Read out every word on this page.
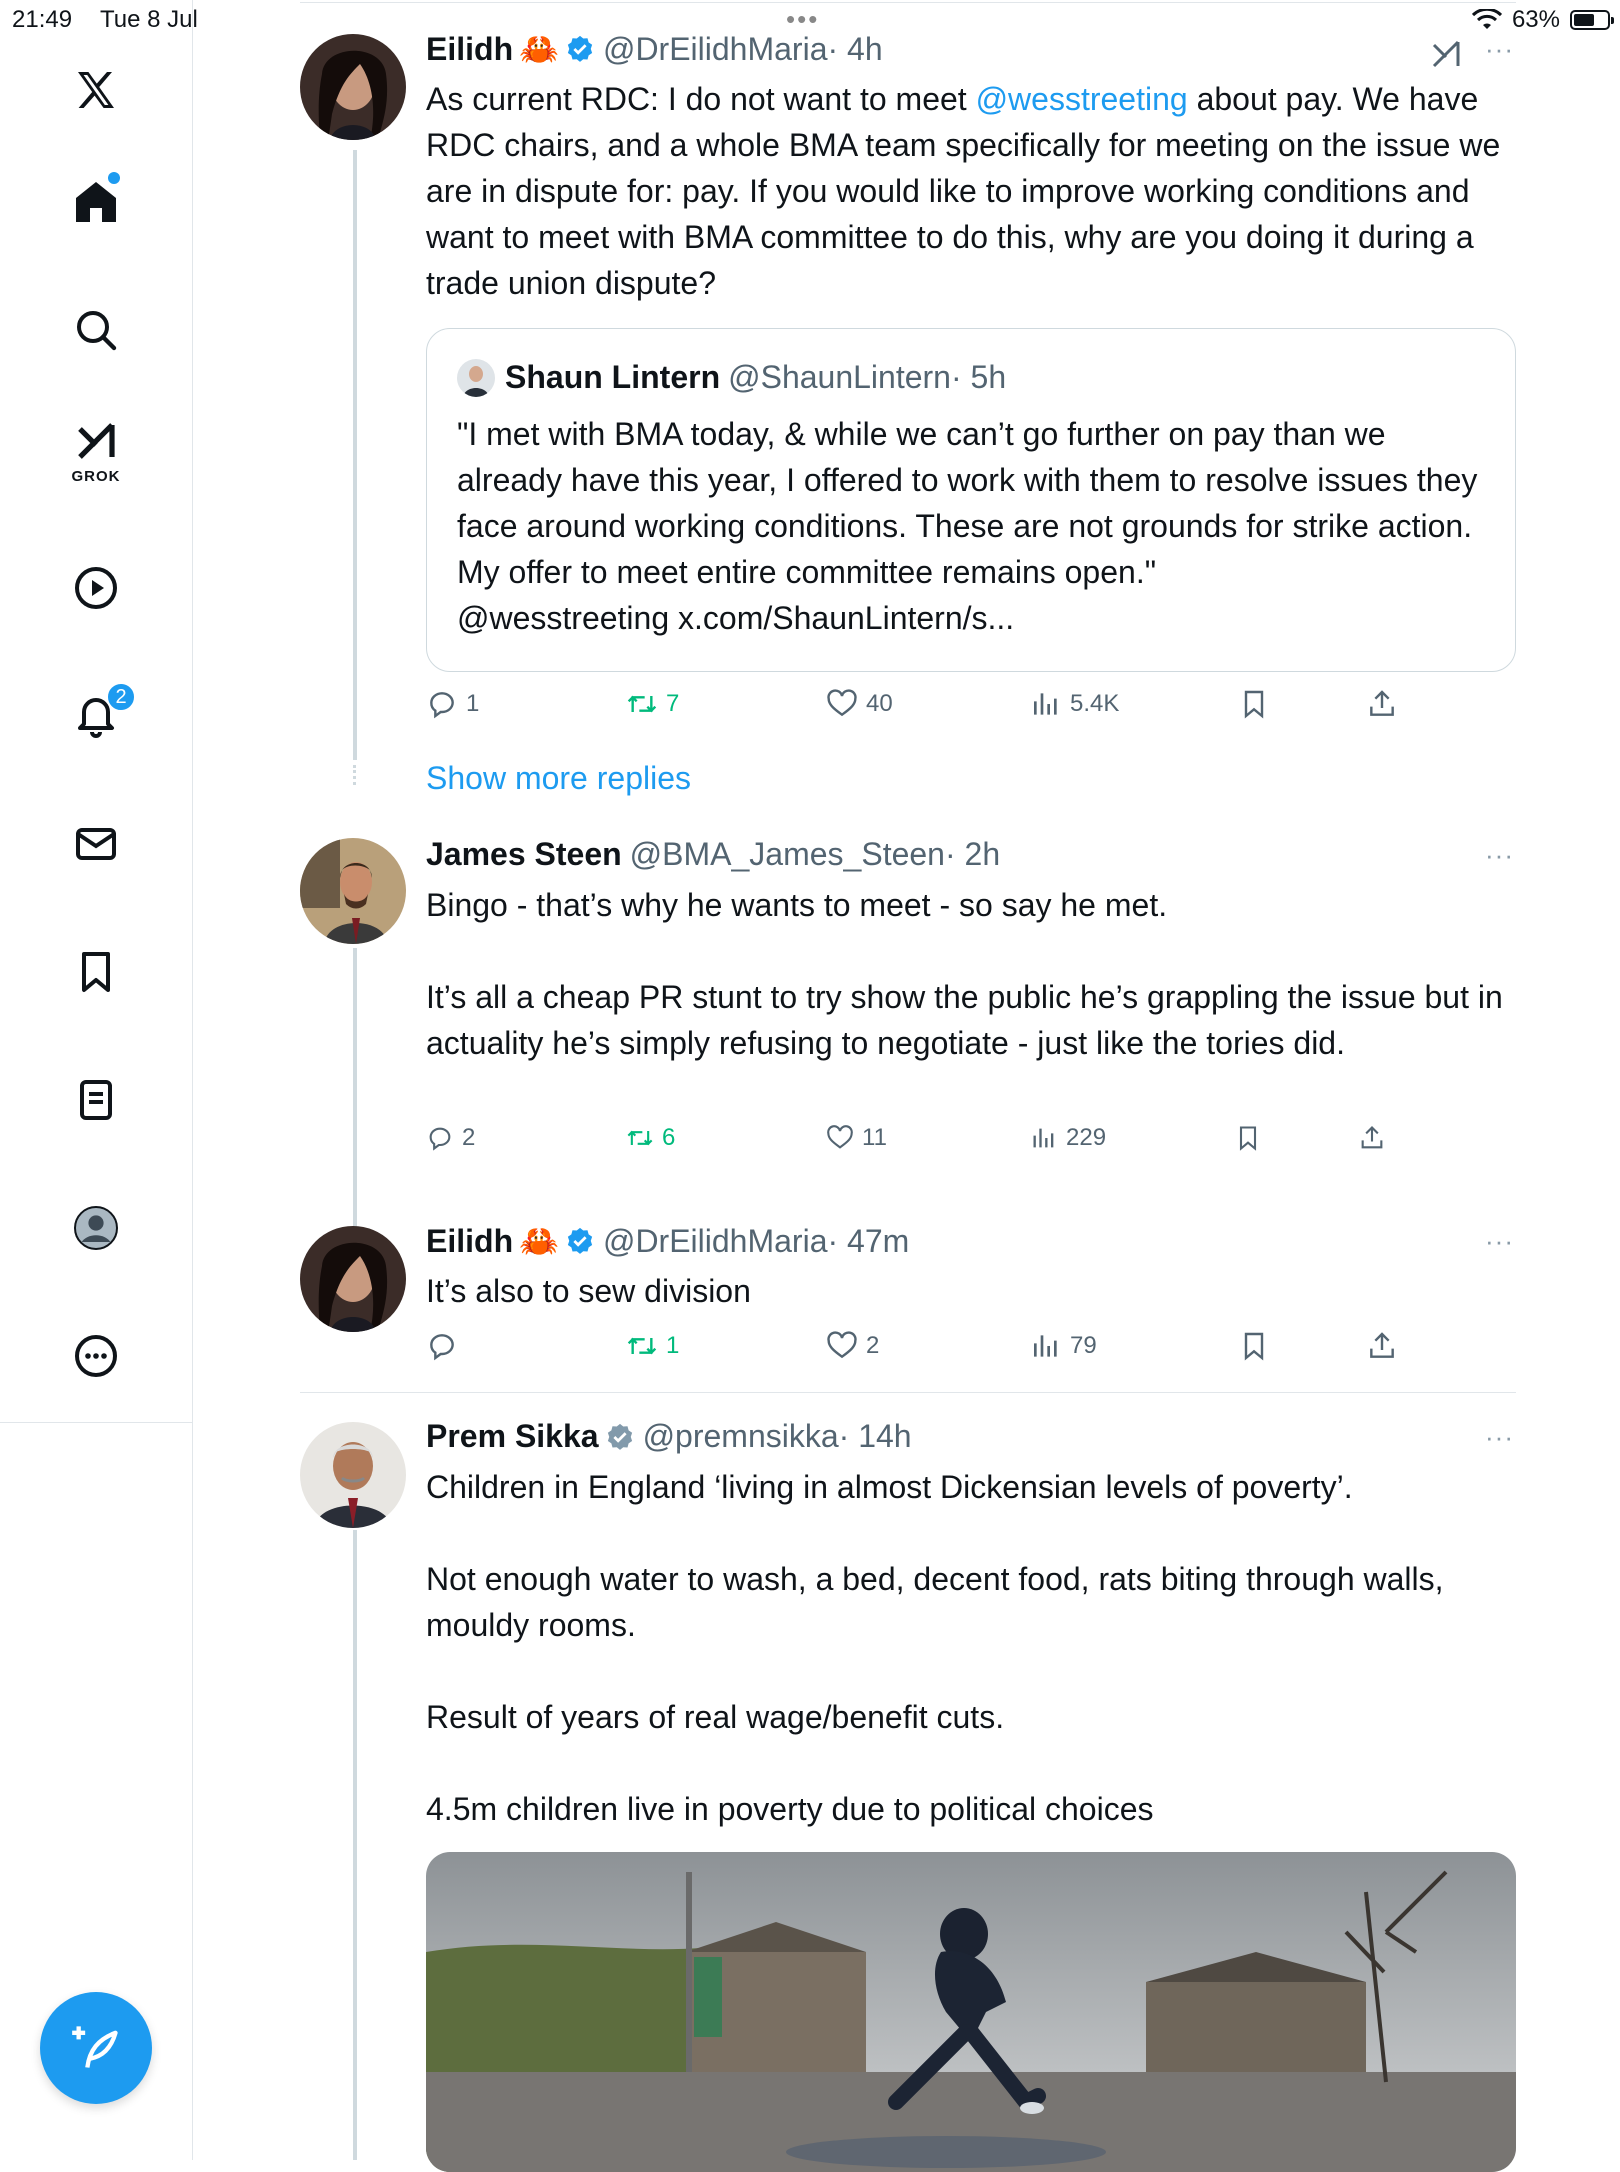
21:49 Tue 8 Jul	•••	63%
GROK
2
Eilidh 🦀 @DrEilidhMaria · 4h	···
As current RDC: I do not want to meet @wesstreeting about pay. We have RDC chairs, and a whole BMA team specifically for meeting on the issue we are in dispute for: pay. If you would like to improve working conditions and want to meet with BMA committee to do this, why are you doing it during a trade union dispute?
Shaun Lintern @ShaunLintern · 5h
"I met with BMA today, & while we can’t go further on pay than we already have this year, I offered to work with them to resolve issues they face around working conditions. These are not grounds for strike action. My offer to meet entire committee remains open."
@wesstreeting x.com/ShaunLintern/s...
1	7	40	5.4K
Show more replies
James Steen @BMA_James_Steen · 2h	···
Bingo - that’s why he wants to meet - so say he met.

It’s all a cheap PR stunt to try show the public he’s grappling the issue but in actuality he’s simply refusing to negotiate - just like the tories did.
2	6	11	229
Eilidh 🦀 @DrEilidhMaria · 47m	···
It’s also to sew division
1	2	79
Prem Sikka @premnsikka · 14h	···
Children in England ‘living in almost Dickensian levels of poverty’.

Not enough water to wash, a bed, decent food, rats biting through walls, mouldy rooms.

Result of years of real wage/benefit cuts.

4.5m children live in poverty due to political choices
